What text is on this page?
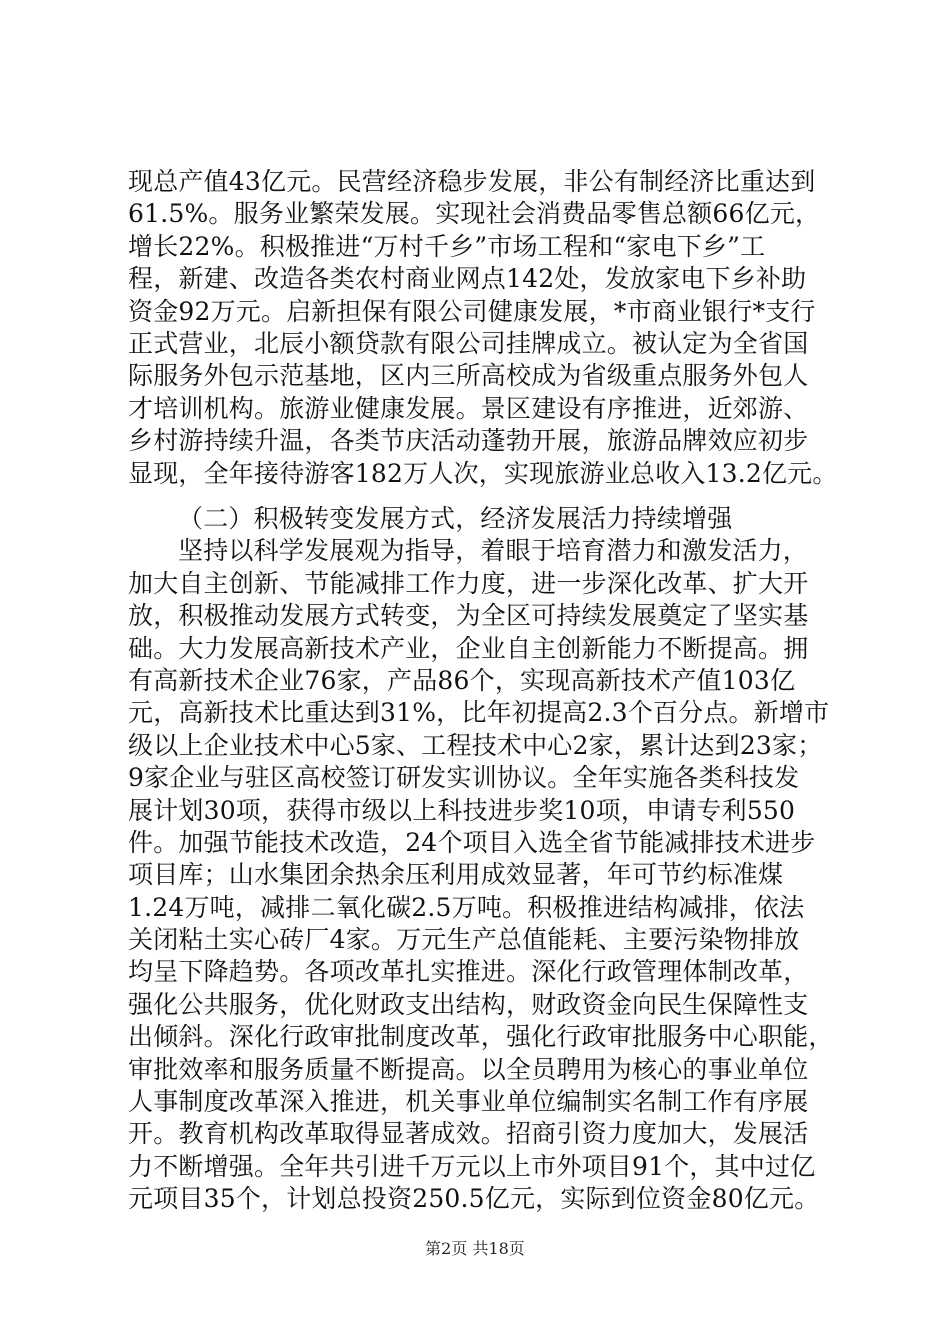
现总产值43亿元。民营经济稳步发展，非公有制经济比重达到
61.5%。服务业繁荣发展。实现社会消费品零售总额66亿元，
增长22%。积极推进“万村千乡”市场工程和“家电下乡”工
程，新建、改造各类农村商业网点142处，发放家电下乡补助
资金92万元。启新担保有限公司健康发展，*市商业银行*支行
正式营业，北辰小额贷款有限公司挂牌成立。被认定为全省国
际服务外包示范基地，区内三所高校成为省级重点服务外包人
才培训机构。旅游业健康发展。景区建设有序推进，近郊游、
乡村游持续升温，各类节庆活动蓬勃开展，旅游品牌效应初步
显现，全年接待游客182万人次，实现旅游业总收入13.2亿元。
（二）积极转变发展方式，经济发展活力持续增强
坚持以科学发展观为指导，着眼于培育潜力和激发活力，
加大自主创新、节能减排工作力度，进一步深化改革、扩大开
放，积极推动发展方式转变，为全区可持续发展奠定了坚实基
础。大力发展高新技术产业，企业自主创新能力不断提高。拥
有高新技术企业76家，产品86个，实现高新技术产值103亿
元，高新技术比重达到31%，比年初提高2.3个百分点。新增市
级以上企业技术中心5家、工程技术中心2家，累计达到23家；
9家企业与驻区高校签订研发实训协议。全年实施各类科技发
展计划30项，获得市级以上科技进步奖10项，申请专利550
件。加强节能技术改造，24个项目入选全省节能减排技术进步
项目库；山水集团余热余压利用成效显著，年可节约标准煤
1.24万吨，减排二氧化碳2.5万吨。积极推进结构减排，依法
关闭粘土实心砖厂4家。万元生产总值能耗、主要污染物排放
均呈下降趋势。各项改革扎实推进。深化行政管理体制改革，
强化公共服务，优化财政支出结构，财政资金向民生保障性支
出倾斜。深化行政审批制度改革，强化行政审批服务中心职能，
审批效率和服务质量不断提高。以全员聘用为核心的事业单位
人事制度改革深入推进，机关事业单位编制实名制工作有序展
开。教育机构改革取得显著成效。招商引资力度加大，发展活
力不断增强。全年共引进千万元以上市外项目91个，其中过亿
元项目35个，计划总投资250.5亿元，实际到位资金80亿元。
第2页 共18页
